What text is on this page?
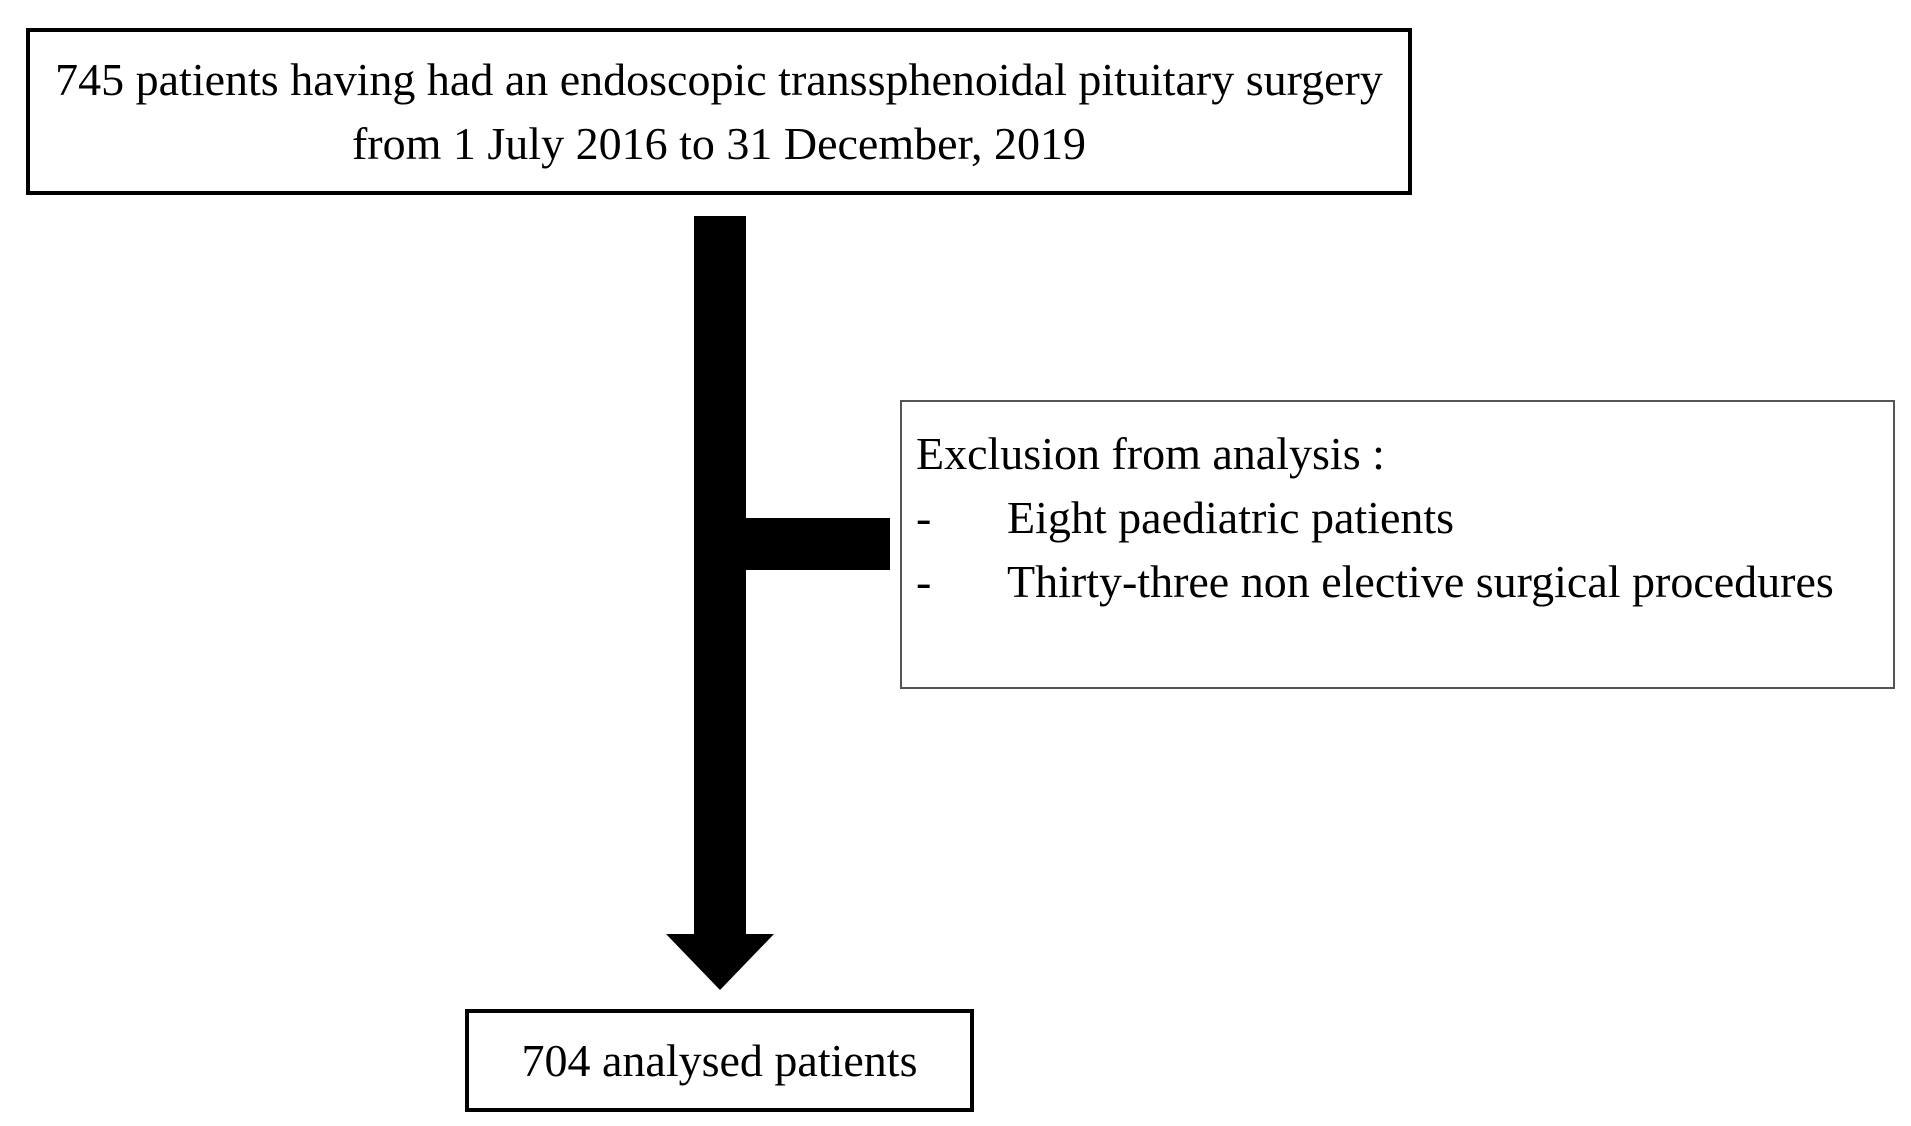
745 patients having had an endoscopic transsphenoidal pituitary surgery from 1 July 2016 to 31 December, 2019
Exclusion from analysis :
-	Eight paediatric patients
-	Thirty-three non elective surgical procedures
704 analysed patients
